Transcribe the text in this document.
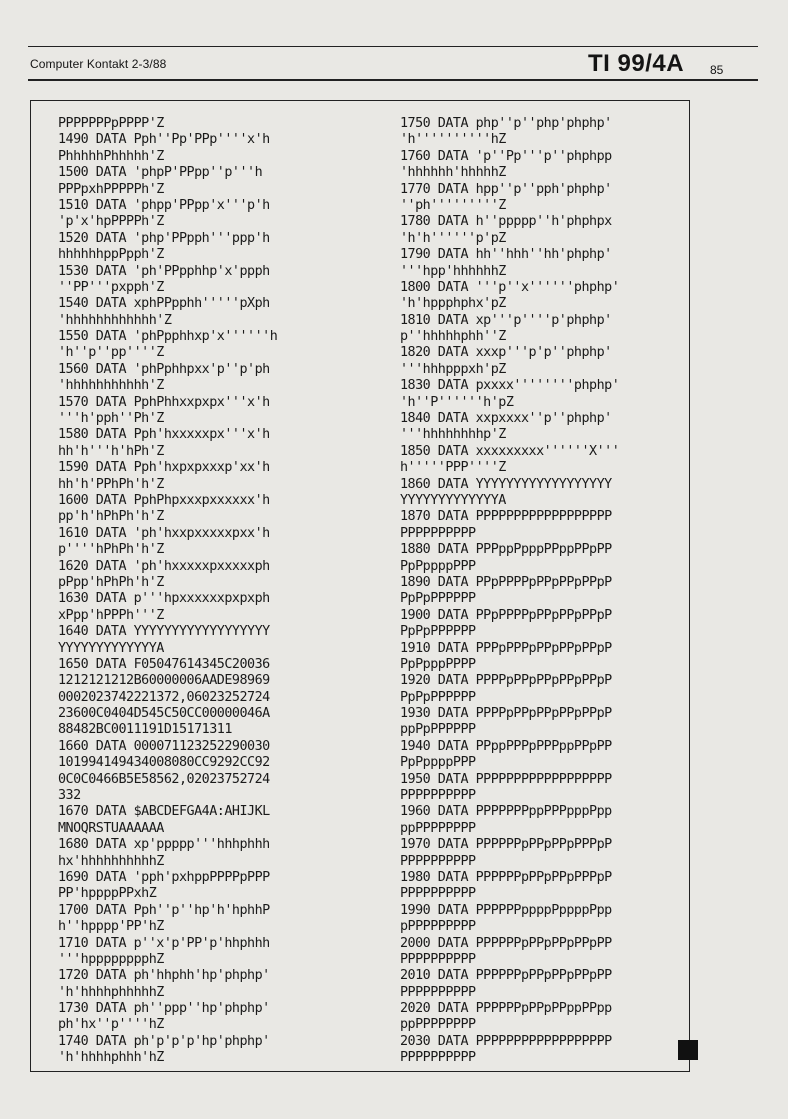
Computer Kontakt 2-3/88	TI 99/4A 85
PPPPPPPpPPPP'Z
1490 DATA Pph''Pp'PPp''''x'h
PhhhhhPhhhhh'Z
1500 DATA 'phpP'PPpp''p'''h
PPPpxhPPPPPh'Z
1510 DATA 'phpp'PPpp'x'''p'h
'p'x'hpPPPPh'Z
1520 DATA 'php'PPpph'''ppp'h
hhhhhhppPpph'Z
1530 DATA 'ph'PPpphhp'x'ppph
''PP'''pxpph'Z
1540 DATA xphPPpphh'''''pXph
'hhhhhhhhhhhh'Z
1550 DATA 'phPpphhxp'x''''''h
'h''p''pp''''Z
1560 DATA 'phPphhpxx'p''p'ph
'hhhhhhhhhhh'Z
1570 DATA PphPhhxxpxpx'''x'h
'''h'pph''Ph'Z
1580 DATA Pph'hxxxxxpx'''x'h
hh'h'''h'hPh'Z
1590 DATA Pph'hxpxpxxxp'xx'h
hh'h'PPhPh'h'Z
1600 DATA PphPhpxxxpxxxxxx'h
pp'h'hPhPh'h'Z
1610 DATA 'ph'hxxpxxxxxpxx'h
p''''hPhPh'h'Z
1620 DATA 'ph'hxxxxxpxxxxxph
pPpp'hPhPh'h'Z
1630 DATA p'''hpxxxxxxpxpxph
xPpp'hPPPh'''Z
1640 DATA YYYYYYYYYYYYYYYYYY
YYYYYYYYYYYYYA
1650 DATA F05047614345C20036
1212121212B60000006AADE98969
0002023742221372,06023252724
23600C0404D545C50CC00000046A
88482BC0011191D15171311
1660 DATA 000071123252290030
101994149434008080CC9292CC92
0C0C0466B5E58562,02023752724
332
1670 DATA $ABCDEFGA4A:AHIJKL
MNOQRSTUAAAAAA
1680 DATA xp'ppppp'''hhhphhh
hx'hhhhhhhhhhZ
1690 DATA 'pph'pxhppPPPPpPPP
PP'hppppPPxhZ
1700 DATA Pph''p''hp'h'hphhP
h''hpppp'PP'hZ
1710 DATA p''x'p'PP'p'hhphhh
'''hpppppppphZ
1720 DATA ph'hhphh'hp'phphp'
'h'hhhhphhhhhZ
1730 DATA ph''ppp''hp'phphp'
ph'hx''p''''hZ
1740 DATA ph'p'p'p'hp'phphp'
'h'hhhhphhh'hZ
1750 DATA php''p''php'phphp'
'h''''''''''hZ
1760 DATA 'p''Pp'''p''phphpp
'hhhhhh'hhhhhZ
1770 DATA hpp''p''pph'phphp'
''ph'''''''''Z
1780 DATA h''ppppp''h'phphpx
'h'h''''''p'pZ
1790 DATA hh''hhh''hh'phphp'
'''hpp'hhhhhhZ
1800 DATA '''p''x''''''phphp'
'h'hppphphx'pZ
1810 DATA xp'''p''''p'phphp'
p''hhhhhphh''Z
1820 DATA xxxp'''p'p''phphp'
'''hhhpppxh'pZ
1830 DATA pxxxx''''''''phphp'
'h''P''''''h'pZ
1840 DATA xxpxxxx''p''phphp'
'''hhhhhhhhp'Z
1850 DATA xxxxxxxxx''''''X'''
h'''''PPP''''Z
1860 DATA YYYYYYYYYYYYYYYYYY
YYYYYYYYYYYYYA
1870 DATA PPPPPPPPPPPPPPPPPP
PPPPPPPPPP
1880 DATA PPPppPpppPPppPPpPP
PpPppppPPP
1890 DATA PPpPPPPpPPpPPpPPpP
PpPpPPPPPP
1900 DATA PPpPPPPpPPpPPpPPpP
PpPpPPPPPP
1910 DATA PPPpPPPpPPpPPpPPpP
PpPpppPPPP
1920 DATA PPPPpPPpPPpPPpPPpP
PpPpPPPPPP
1930 DATA PPPPpPPpPPpPPpPPpP
ppPpPPPPPP
1940 DATA PPppPPPpPPPppPPpPP
PpPppppPPP
1950 DATA PPPPPPPPPPPPPPPPPP
PPPPPPPPPP
1960 DATA PPPPPPPppPPPpppPpp
ppPPPPPPPP
1970 DATA PPPPPPpPPpPPpPPPpP
PPPPPPPPPP
1980 DATA PPPPPPpPPpPPpPPPpP
PPPPPPPPPP
1990 DATA PPPPPPppppPppppPpp
pPPPPPPPPP
2000 DATA PPPPPPpPPpPPpPPpPP
PPPPPPPPPP
2010 DATA PPPPPPpPPpPPpPPpPP
PPPPPPPPPP
2020 DATA PPPPPPpPPpPPppPPpp
ppPPPPPPPP
2030 DATA PPPPPPPPPPPPPPPPPP
PPPPPPPPPP
